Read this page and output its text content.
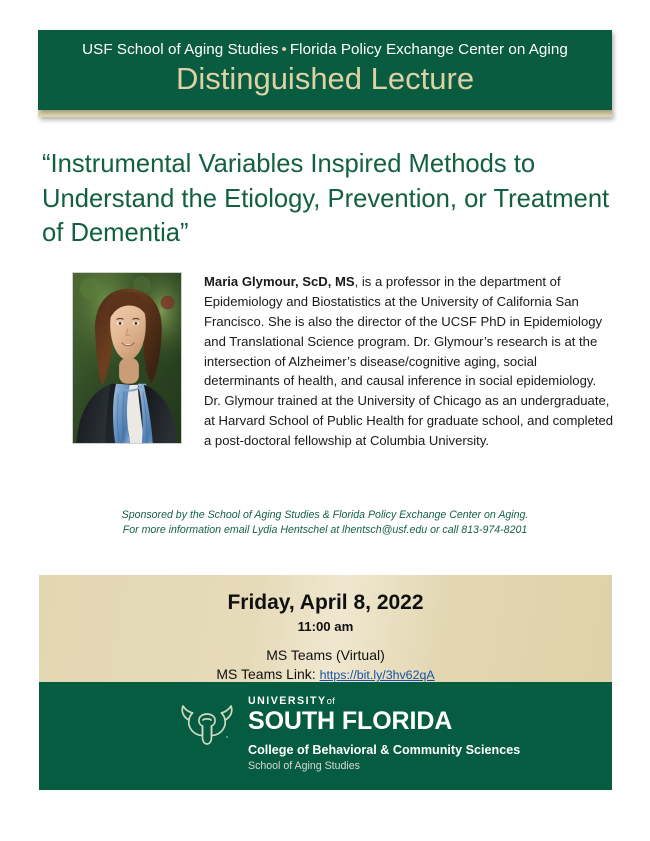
USF School of Aging Studies • Florida Policy Exchange Center on Aging
Distinguished Lecture
“Instrumental Variables Inspired Methods to Understand the Etiology, Prevention, or Treatment of Dementia”
Maria Glymour, ScD, MS, is a professor in the department of Epidemiology and Biostatistics at the University of California San Francisco. She is also the director of the UCSF PhD in Epidemiology and Translational Science program. Dr. Glymour’s research is at the intersection of Alzheimer’s disease/cognitive aging, social determinants of health, and causal inference in social epidemiology. Dr. Glymour trained at the University of Chicago as an undergraduate, at Harvard School of Public Health for graduate school, and completed a post-doctoral fellowship at Columbia University.
Sponsored by the School of Aging Studies & Florida Policy Exchange Center on Aging.
For more information email Lydia Hentschel at lhentsch@usf.edu or call 813-974-8201
Friday, April 8, 2022
11:00 am
MS Teams (Virtual)
MS Teams Link: https://bit.ly/3hv62qA
UNIVERSITYof
SOUTH FLORIDA
College of Behavioral & Community Sciences
School of Aging Studies
